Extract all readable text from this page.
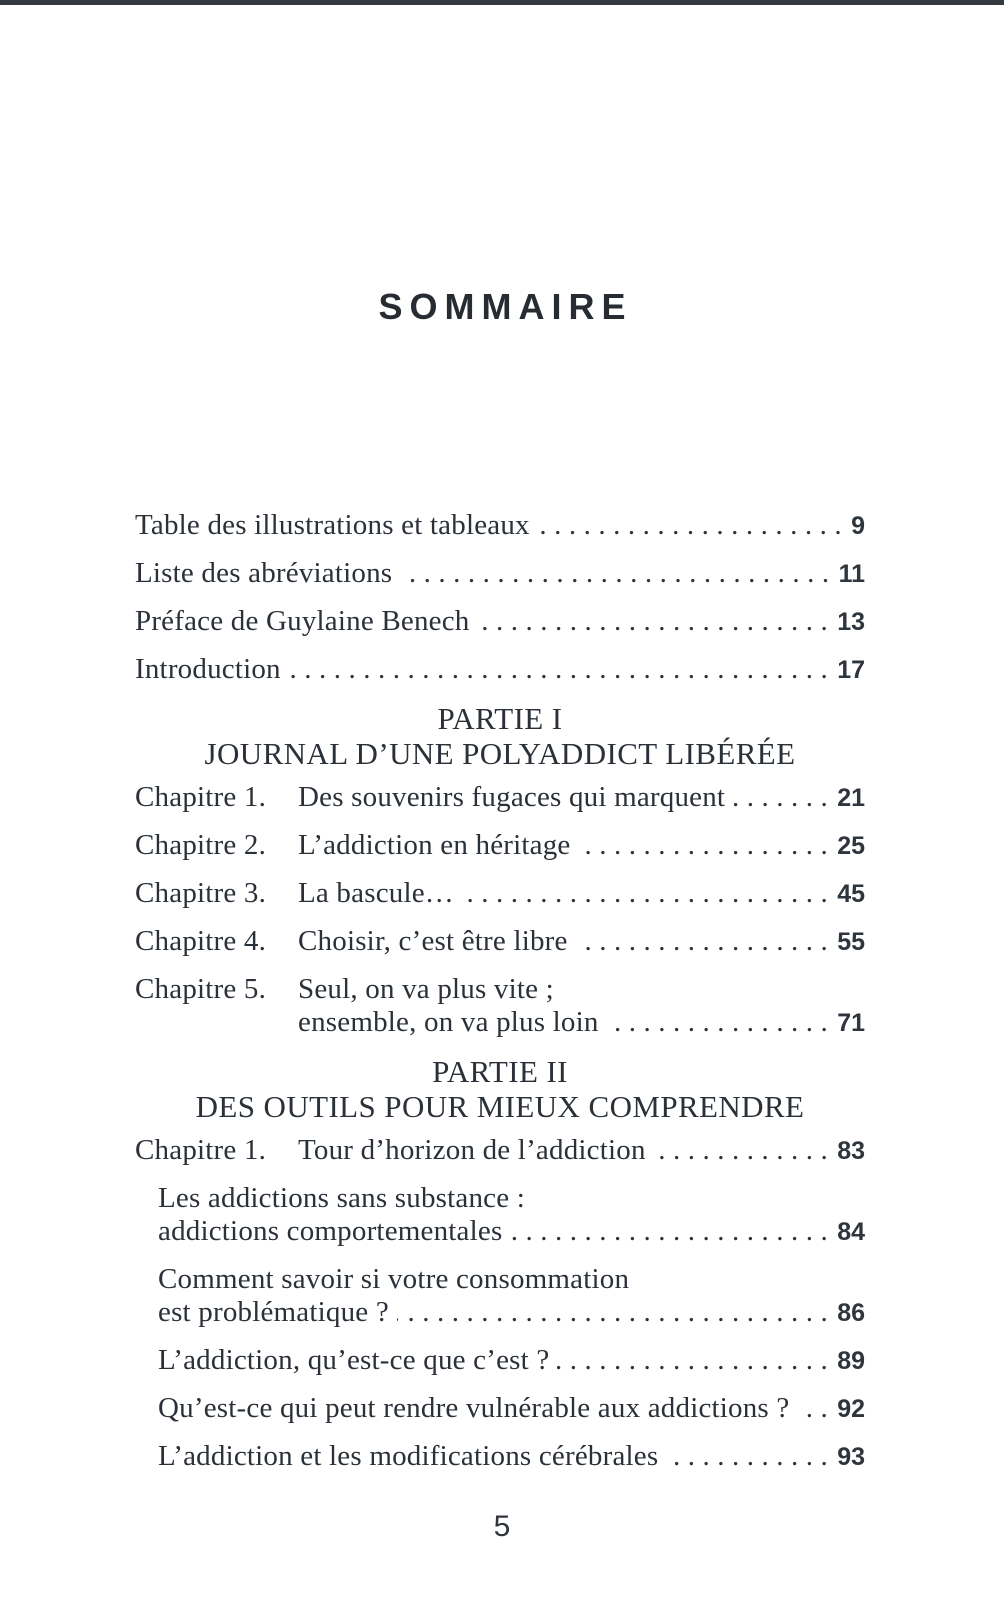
SOMMAIRE
Table des illustrations et tableaux .....	9
Liste des abréviations .....	11
Préface de Guylaine Benech .....	13
Introduction .....	17
PARTIE I
JOURNAL D’UNE POLYADDICT LIBÉRÉE
Chapitre 1.	Des souvenirs fugaces qui marquent .....	21
Chapitre 2.	L’addiction en héritage .....	25
Chapitre 3.	La bascule… .....	45
Chapitre 4.	Choisir, c’est être libre .....	55
Chapitre 5.	Seul, on va plus vite ;
ensemble, on va plus loin .....	71
PARTIE II
DES OUTILS POUR MIEUX COMPRENDRE
Chapitre 1.	Tour d’horizon de l’addiction .....	83
Les addictions sans substance :
addictions comportementales .....	84
Comment savoir si votre consommation
est problématique ? .....	86
L’addiction, qu’est-ce que c’est ? .....	89
Qu’est-ce qui peut rendre vulnérable aux addictions ? ..... 92
L’addiction et les modifications cérébrales .....	93
5
